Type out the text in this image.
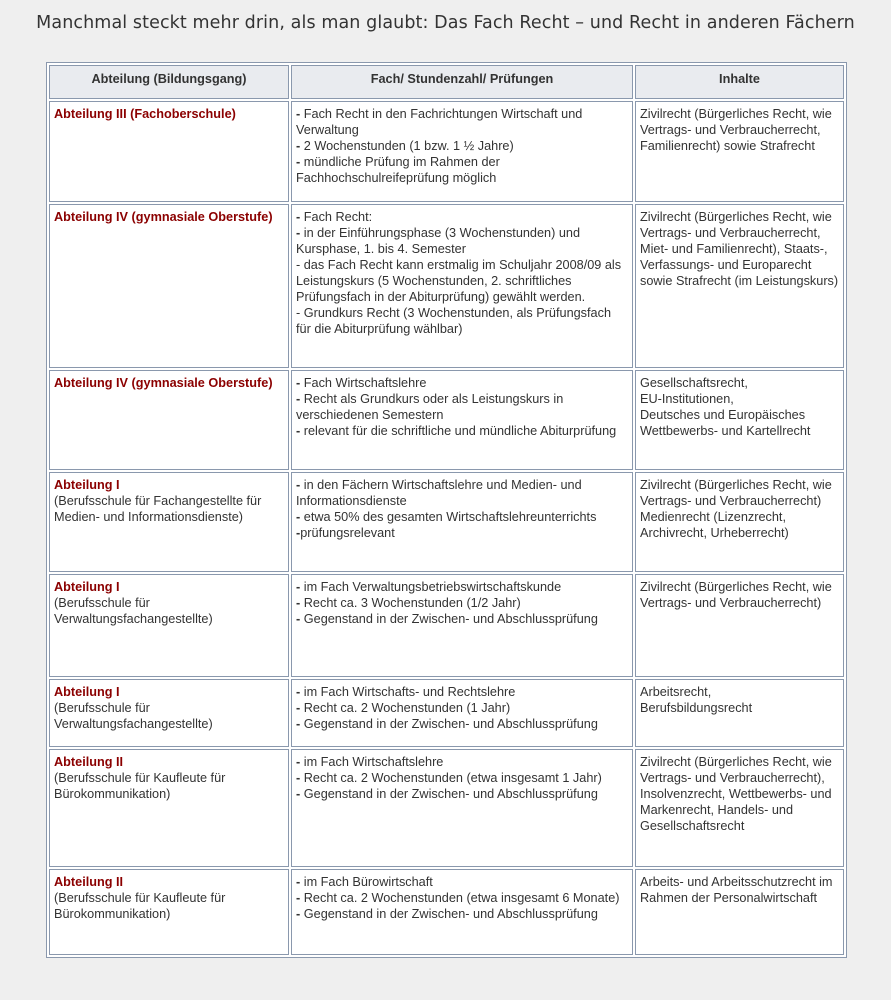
Manchmal steckt mehr drin, als man glaubt: Das Fach Recht – und Recht in anderen Fächern
Abteilung (Bildungsgang)	Fach/ Stundenzahl/ Prüfungen	Inhalte

Abteilung III (Fachoberschule)	- Fach Recht in den Fachrichtungen Wirtschaft und Verwaltung
- 2 Wochenstunden (1 bzw. 1 ½ Jahre)
- mündliche Prüfung im Rahmen der Fachhochschulreifeprüfung möglich	Zivilrecht (Bürgerliches Recht, wie Vertrags- und Verbraucherrecht, Familienrecht) sowie Strafrecht

Abteilung IV (gymnasiale Oberstufe)	- Fach Recht:
- in der Einführungsphase (3 Wochenstunden) und Kursphase, 1. bis 4. Semester
- das Fach Recht kann erstmalig im Schuljahr 2008/09 als Leistungskurs (5 Wochenstunden, 2. schriftliches Prüfungsfach in der Abiturprüfung) gewählt werden.
- Grundkurs Recht (3 Wochenstunden, als Prüfungsfach für die Abiturprüfung wählbar)	Zivilrecht (Bürgerliches Recht, wie Vertrags- und Verbraucherrecht, Miet- und Familienrecht), Staats-, Verfassungs- und Europarecht sowie Strafrecht (im Leistungskurs)

Abteilung IV (gymnasiale Oberstufe)	- Fach Wirtschaftslehre
- Recht als Grundkurs oder als Leistungskurs in verschiedenen Semestern
- relevant für die schriftliche und mündliche Abiturprüfung	Gesellschaftsrecht,
EU-Institutionen,
Deutsches und Europäisches Wettbewerbs- und Kartellrecht

Abteilung I
(Berufsschule für Fachangestellte für Medien- und Informationsdienste)	- in den Fächern Wirtschaftslehre und Medien- und Informationsdienste
- etwa 50% des gesamten Wirtschaftslehreunterrichts
-prüfungsrelevant	Zivilrecht (Bürgerliches Recht, wie Vertrags- und Verbraucherrecht)
Medienrecht (Lizenzrecht, Archivrecht, Urheberrecht)

Abteilung I
(Berufsschule für Verwaltungsfachangestellte)	- im Fach Verwaltungsbetriebswirtschaftskunde
- Recht ca. 3 Wochenstunden (1/2 Jahr)
- Gegenstand in der Zwischen- und Abschlussprüfung	Zivilrecht (Bürgerliches Recht, wie Vertrags- und Verbraucherrecht)

Abteilung I
(Berufsschule für Verwaltungsfachangestellte)	- im Fach Wirtschafts- und Rechtslehre
- Recht ca. 2 Wochenstunden (1 Jahr)
- Gegenstand in der Zwischen- und Abschlussprüfung	Arbeitsrecht,
Berufsbildungsrecht

Abteilung II
(Berufsschule für Kaufleute für Bürokommunikation)	- im Fach Wirtschaftslehre
- Recht ca. 2 Wochenstunden (etwa insgesamt 1 Jahr)
- Gegenstand in der Zwischen- und Abschlussprüfung	Zivilrecht (Bürgerliches Recht, wie Vertrags- und Verbraucherrecht), Insolvenzrecht, Wettbewerbs- und Markenrecht, Handels- und Gesellschaftsrecht

Abteilung II
(Berufsschule für Kaufleute für Bürokommunikation)	- im Fach Bürowirtschaft
- Recht ca. 2 Wochenstunden (etwa insgesamt 6 Monate)
- Gegenstand in der Zwischen- und Abschlussprüfung	Arbeits- und Arbeitsschutzrecht im Rahmen der Personalwirtschaft
